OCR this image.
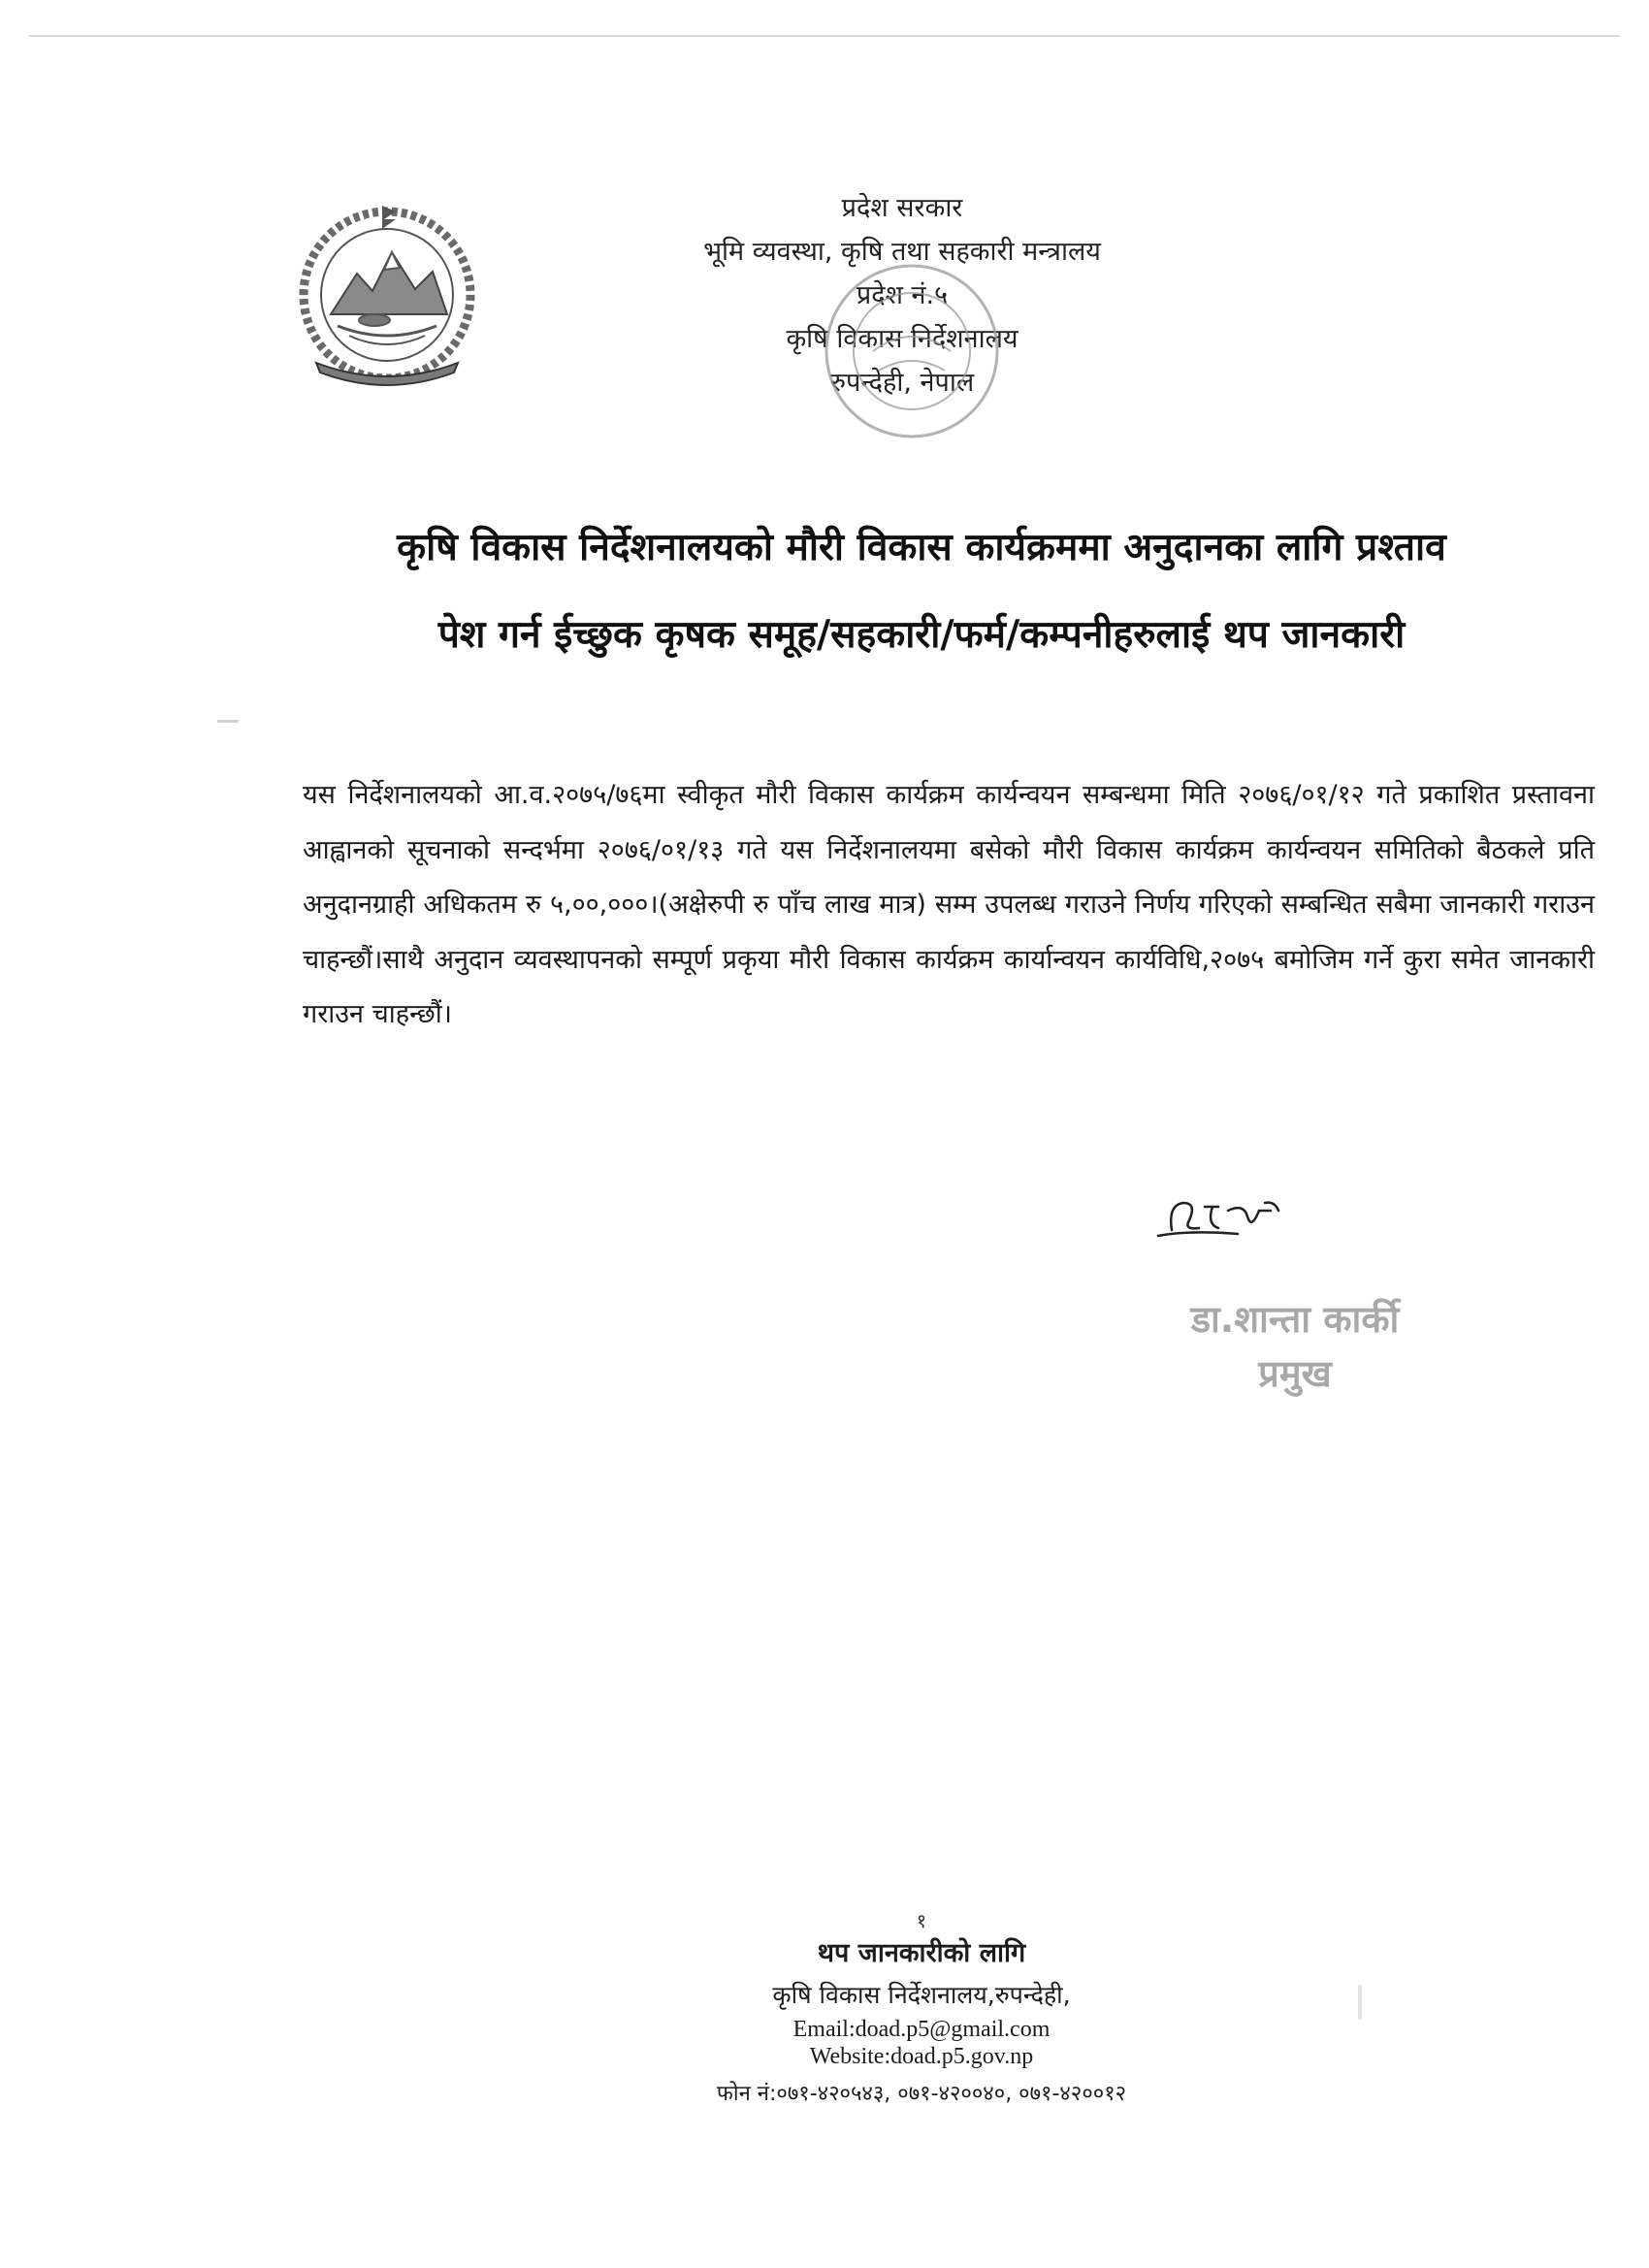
प्रदेश सरकार
भूमि व्यवस्था, कृषि तथा सहकारी मन्त्रालय
प्रदेश नं.५
कृषि विकास निर्देशनालय
रुपन्देही, नेपाल
कृषि विकास निर्देशनालयको मौरी विकास कार्यक्रममा अनुदानका लागि प्रश्ताव
पेश गर्न ईच्छुक कृषक समूह/सहकारी/फर्म/कम्पनीहरुलाई थप जानकारी
यस निर्देशनालयको आ.व.२०७५/७६मा स्वीकृत मौरी विकास कार्यक्रम कार्यन्वयन सम्बन्धमा मिति २०७६/०१/१२ गते प्रकाशित प्रस्तावना आह्वानको सूचनाको सन्दर्भमा २०७६/०१/१३ गते यस निर्देशनालयमा बसेको मौरी विकास कार्यक्रम कार्यन्वयन समितिको बैठकले प्रति अनुदानग्राही अधिकतम रु ५,००,०००।(अक्षेरुपी रु पाँच लाख मात्र) सम्म उपलब्ध गराउने निर्णय गरिएको सम्बन्धित सबैमा जानकारी गराउन चाहन्छौं।साथै अनुदान व्यवस्थापनको सम्पूर्ण प्रकृया मौरी विकास कार्यक्रम कार्यान्वयन कार्यविधि,२०७५ बमोजिम गर्ने कुरा समेत जानकारी गराउन चाहन्छौं।
डा.शान्ता कार्की
प्रमुख
१
थप जानकारीको लागि
कृषि विकास निर्देशनालय,रुपन्देही,
Email:doad.p5@gmail.com
Website:doad.p5.gov.np
फोन नं:०७१-४२०५४३, ०७१-४२००४०, ०७१-४२००१२
